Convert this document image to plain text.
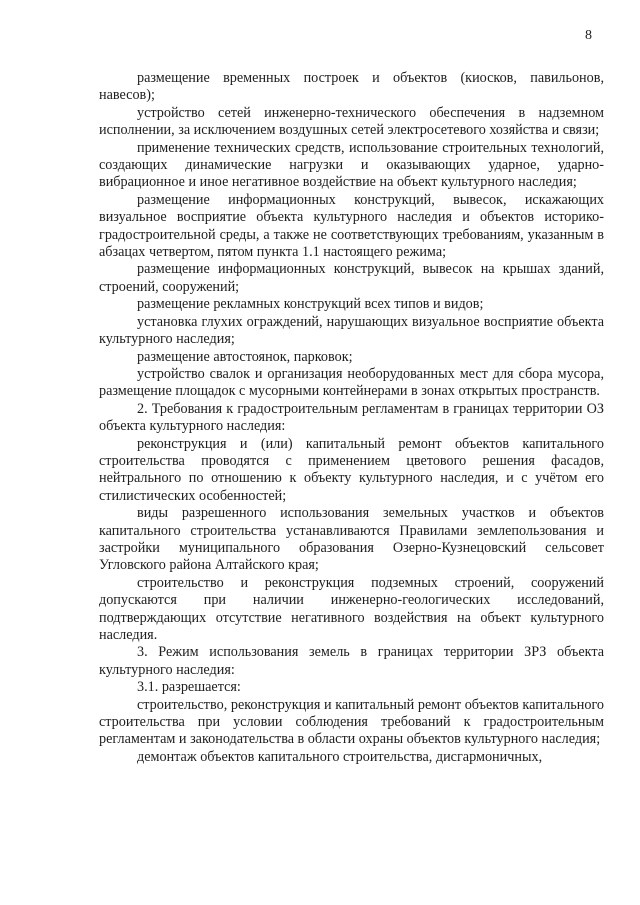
8

размещение временных построек и объектов (киосков, павильонов, навесов);

устройство сетей инженерно-технического обеспечения в надземном исполнении, за исключением воздушных сетей электросетевого хозяйства и связи;

применение технических средств, использование строительных технологий, создающих динамические нагрузки и оказывающих ударное, ударно-вибрационное и иное негативное воздействие на объект культурного наследия;

размещение информационных конструкций, вывесок, искажающих визуальное восприятие объекта культурного наследия и объектов историко-градостроительной среды, а также не соответствующих требованиям, указанным в абзацах четвертом, пятом пункта 1.1 настоящего режима;

размещение информационных конструкций, вывесок на крышах зданий, строений, сооружений;

размещение рекламных конструкций всех типов и видов;

установка глухих ограждений, нарушающих визуальное восприятие объекта культурного наследия;

размещение автостоянок, парковок;

устройство свалок и организация необорудованных мест для сбора мусора, размещение площадок с мусорными контейнерами в зонах открытых пространств.

2. Требования к градостроительным регламентам в границах территории ОЗ объекта культурного наследия:

реконструкция и (или) капитальный ремонт объектов капитального строительства проводятся с применением цветового решения фасадов, нейтрального по отношению к объекту культурного наследия, и с учётом его стилистических особенностей;

виды разрешенного использования земельных участков и объектов капитального строительства устанавливаются Правилами землепользования и застройки муниципального образования Озерно-Кузнецовский сельсовет Угловского района Алтайского края;

строительство и реконструкция подземных строений, сооружений допускаются при наличии инженерно-геологических исследований, подтверждающих отсутствие негативного воздействия на объект культурного наследия.

3. Режим использования земель в границах территории ЗРЗ объекта культурного наследия:

3.1. разрешается:

строительство, реконструкция и капитальный ремонт объектов капитального строительства при условии соблюдения требований к градостроительным регламентам и законодательства в области охраны объектов культурного наследия;

демонтаж объектов капитального строительства, дисгармоничных,
